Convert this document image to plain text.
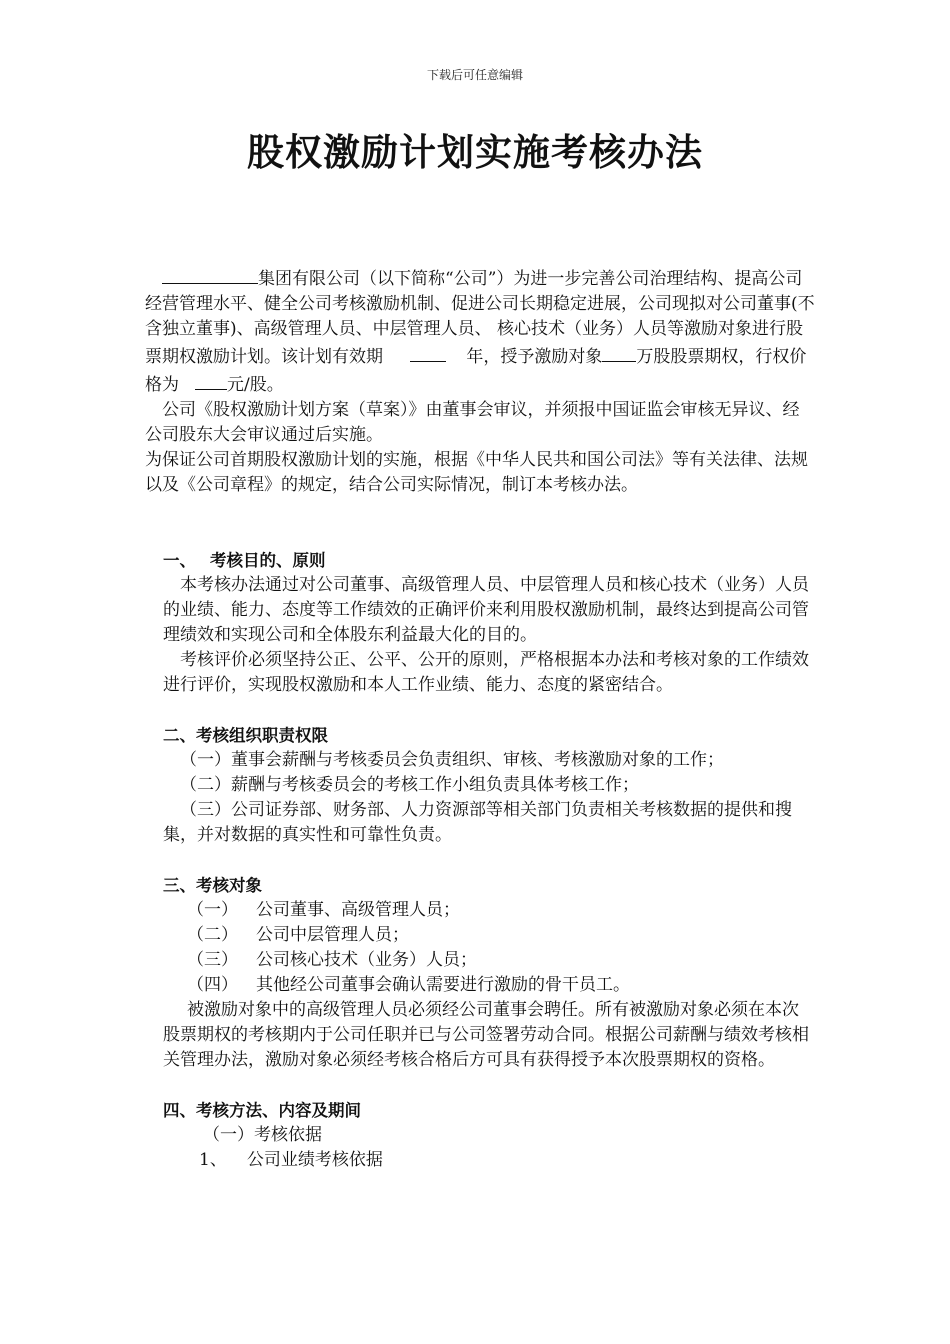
下载后可任意编辑
股权激励计划实施考核办法

集团有限公司（以下简称“公司”）为进一步完善公司治理结构、提高公司经营管理水平、健全公司考核激励机制、促进公司长期稳定进展，公司现拟对公司董事(不含独立董事)、高级管理人员、中层管理人员、 核心技术（业务）人员等激励对象进行股票期权激励计划。该计划有效期	年，授予激励对象 万股股票期权，行权价格为	元/股。

公司《股权激励计划方案（草案）》由董事会审议，并须报中国证监会审核无异议、经公司股东大会审议通过后实施。

为保证公司首期股权激励计划的实施，根据《中华人民共和国公司法》等有关法律、法规以及《公司章程》的规定，结合公司实际情况，制订本考核办法。

一、 考核目的、原则

本考核办法通过对公司董事、高级管理人员、中层管理人员和核心技术（业务）人员的业绩、能力、态度等工作绩效的正确评价来利用股权激励机制，最终达到提高公司管理绩效和实现公司和全体股东利益最大化的目的。

考核评价必须坚持公正、公平、公开的原则，严格根据本办法和考核对象的工作绩效进行评价，实现股权激励和本人工作业绩、能力、态度的紧密结合。

二、考核组织职责权限

（一）董事会薪酬与考核委员会负责组织、审核、考核激励对象的工作；

（二）薪酬与考核委员会的考核工作小组负责具体考核工作；

（三）公司证券部、财务部、人力资源部等相关部门负责相关考核数据的提供和搜集，并对数据的真实性和可靠性负责。

三、考核对象

（一） 公司董事、高级管理人员；

（二） 公司中层管理人员；

（三） 公司核心技术（业务）人员；

（四） 其他经公司董事会确认需要进行激励的骨干员工。

被激励对象中的高级管理人员必须经公司董事会聘任。所有被激励对象必须在本次股票期权的考核期内于公司任职并已与公司签署劳动合同。根据公司薪酬与绩效考核相关管理办法，激励对象必须经考核合格后方可具有获得授予本次股票期权的资格。

四、考核方法、内容及期间

（一）考核依据

1、 公司业绩考核依据
